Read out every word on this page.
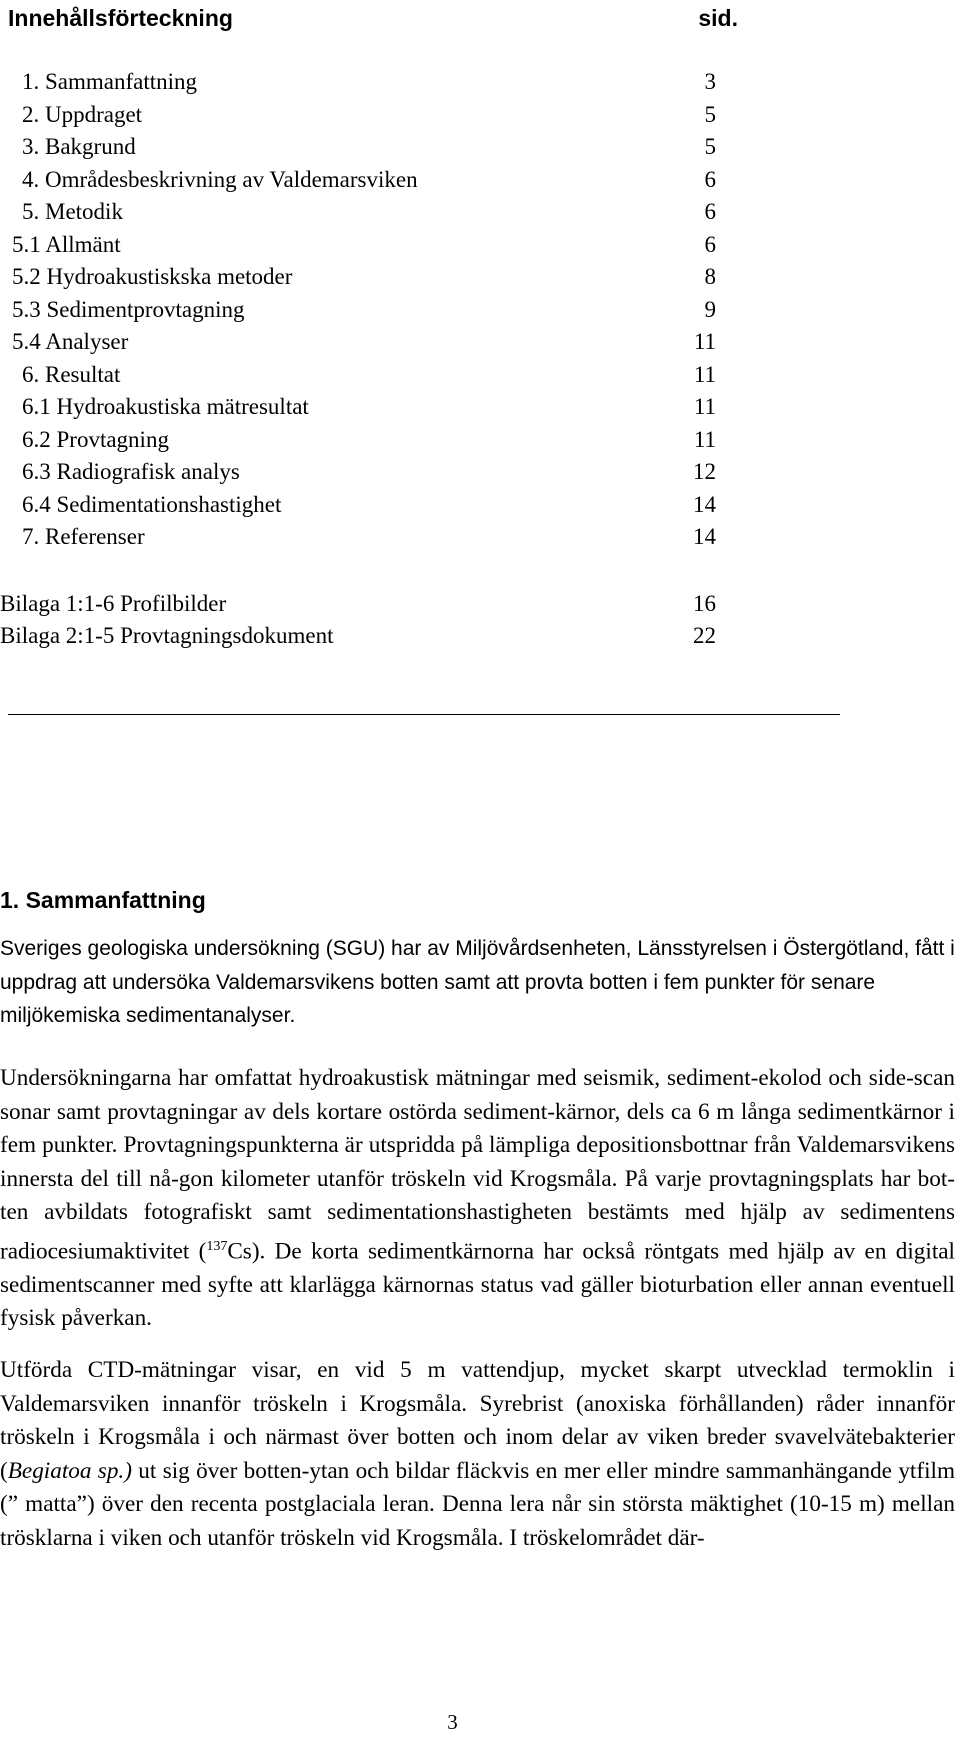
Innehållsförteckning	sid.
1. Sammanfattning	3
2. Uppdraget	5
3. Bakgrund	5
4. Områdesbeskrivning av Valdemarsviken	6
5. Metodik	6
5.1 Allmänt	6
5.2 Hydroakustiskska metoder	8
5.3 Sedimentprovtagning	9
5.4 Analyser	11
6. Resultat	11
6.1 Hydroakustiska mätresultat	11
6.2 Provtagning	11
6.3 Radiografisk analys	12
6.4 Sedimentationshastighet	14
7. Referenser	14
Bilaga 1:1-6 Profilbilder	16
Bilaga 2:1-5 Provtagningsdokument	22
1. Sammanfattning

Sveriges geologiska undersökning (SGU) har av Miljövårdsenheten, Länsstyrelsen i Östergötland, fått i uppdrag att undersöka Valdemarsvikens botten samt att provta botten i fem punkter för senare miljökemiska sedimentanalyser.

Undersökningarna har omfattat hydroakustisk mätningar med seismik, sediment-ekolod och side-scan sonar samt provtagningar av dels kortare ostörda sediment-kärnor, dels ca 6 m långa sedimentkärnor i fem punkter. Provtagningspunkterna är utspridda på lämpliga depositionsbottnar från Valdemarsvikens innersta del till nå-gon kilometer utanför tröskeln vid Krogsmåla. På varje provtagningsplats har bot-ten avbildats fotografiskt samt sedimentationshastigheten bestämts med hjälp av sedimentens radiocesiumaktivitet ($^{137}$Cs). De korta sedimentkärnorna har också röntgats med hjälp av en digital sedimentscanner med syfte att klarlägga kärnornas status vad gäller bioturbation eller annan eventuell fysisk påverkan.

Utförda CTD-mätningar visar, en vid 5 m vattendjup, mycket skarpt utvecklad termoklin i Valdemarsviken innanför tröskeln i Krogsmåla. Syrebrist (anoxiska förhållanden) råder innanför tröskeln i Krogsmåla i och närmast över botten och inom delar av viken breder svavelvätebakterier (Begiatoa sp.) ut sig över botten-ytan och bildar fläckvis en mer eller mindre sammanhängande ytfilm (” matta”) över den recenta postglaciala leran. Denna lera når sin största mäktighet (10-15 m) mellan trösklarna i viken och utanför tröskeln vid Krogsmåla. I tröskelområdet där-

3
